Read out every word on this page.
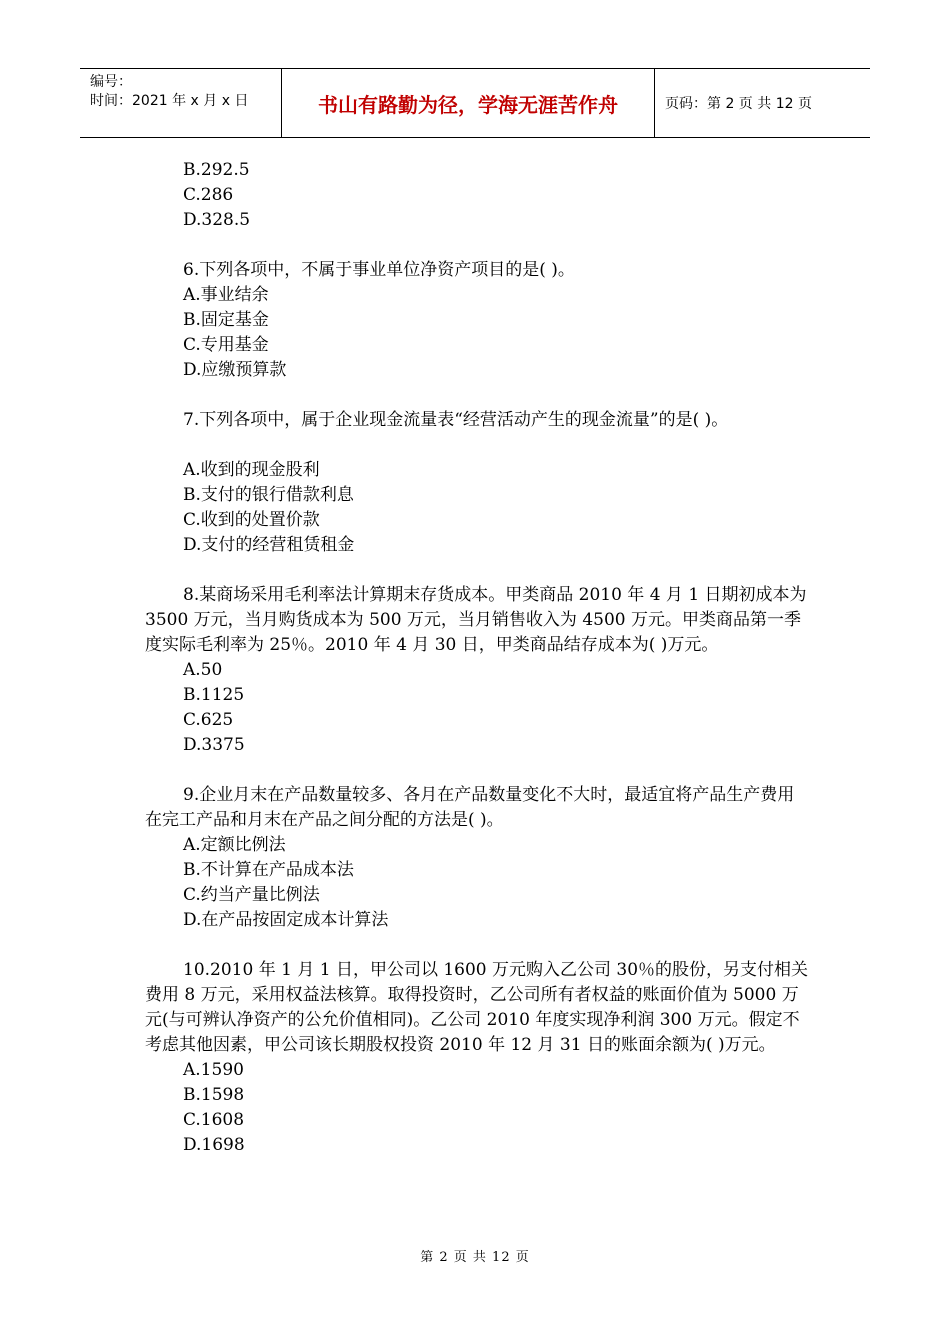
编号：
时间：2021 年 x 月 x 日	书山有路勤为径，学海无涯苦作舟	页码：第 2 页 共 12 页

B.292.5

C.286

D.328.5

6.下列各项中，不属于事业单位净资产项目的是( )。

A.事业结余

B.固定基金

C.专用基金

D.应缴预算款

7.下列各项中，属于企业现金流量表“经营活动产生的现金流量”的是( )。

A.收到的现金股利

B.支付的银行借款利息

C.收到的处置价款

D.支付的经营租赁租金

8.某商场采用毛利率法计算期末存货成本。甲类商品 2010 年 4 月 1 日期初成本为 3500 万元，当月购货成本为 500 万元，当月销售收入为 4500 万元。甲类商品第一季度实际毛利率为 25％。2010 年 4 月 30 日，甲类商品结存成本为( )万元。

A.50

B.1125

C.625

D.3375

9.企业月末在产品数量较多、各月在产品数量变化不大时，最适宜将产品生产费用在完工产品和月末在产品之间分配的方法是( )。

A.定额比例法

B.不计算在产品成本法

C.约当产量比例法

D.在产品按固定成本计算法

10.2010 年 1 月 1 日，甲公司以 1600 万元购入乙公司 30％的股份，另支付相关费用 8 万元，采用权益法核算。取得投资时，乙公司所有者权益的账面价值为 5000 万元(与可辨认净资产的公允价值相同)。乙公司 2010 年度实现净利润 300 万元。假定不考虑其他因素，甲公司该长期股权投资 2010 年 12 月 31 日的账面余额为( )万元。

A.1590

B.1598

C.1608

D.1698

第 2 页 共 12 页
